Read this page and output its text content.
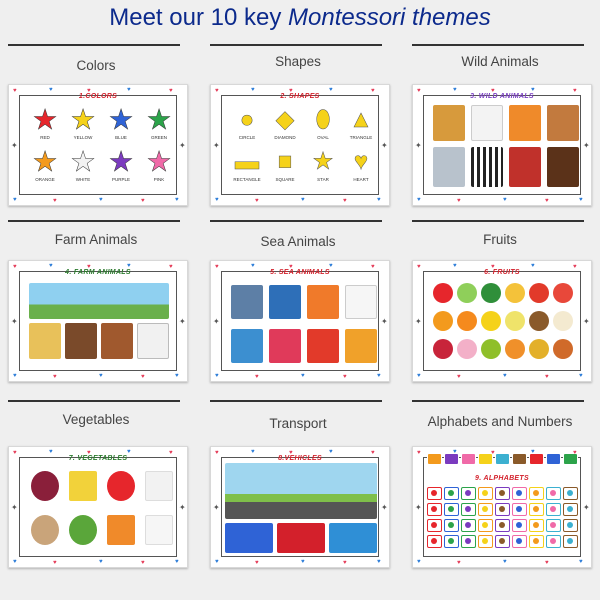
Meet our 10 key Montessori themes
Colors
1.COLORS
★
RED
★
YELLOW
★
BLUE
★
GREEN
★
ORANGE
★
WHITE
★
PURPLE
★
PINK
♥	♥	♥	♥	♥
♥	♥	♥	♥	♥
✦	✦
Shapes
2. SHAPES
●
CIRCLE
◆
DIAMOND
⬮
OVAL
▲
TRIANGLE
▬
RECTANGLE
■
SQUARE
★
STAR
♥
HEART
♥	♥	♥	♥	♥
♥	♥	♥	♥	♥
✦	✦
Wild Animals
3. WILD ANIMALS
♥	♥	♥	♥	♥
♥	♥	♥	♥	♥
✦	✦
Farm Animals
4. FARM ANIMALS
♥	♥	♥	♥	♥
♥	♥	♥	♥	♥
✦	✦
Sea Animals
5. SEA ANIMALS
♥	♥	♥	♥	♥
♥	♥	♥	♥	♥
✦	✦
Fruits
6. FRUITS
♥	♥	♥	♥	♥
♥	♥	♥	♥	♥
✦	✦
Vegetables
7. VEGETABLES
♥	♥	♥	♥	♥
♥	♥	♥	♥	♥
✦	✦
Transport
8.VEHICLES
♥	♥	♥	♥	♥
♥	♥	♥	♥	♥
✦	✦
Alphabets and Numbers
9. ALPHABETS
♥	♥	♥	♥	♥
♥	♥	♥	♥	♥
✦	✦
